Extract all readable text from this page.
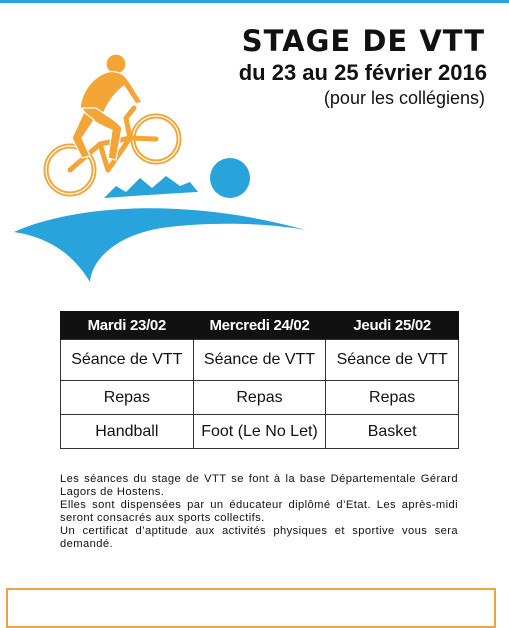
STAGE DE VTT
du 23 au 25 février 2016
(pour les collégiens)
Mardi 23/02	Mercredi 24/02	Jeudi 25/02
Séance de VTT	Séance de VTT	Séance de VTT
Repas	Repas	Repas
Handball	Foot (Le No Let)	Basket

Les séances du stage de VTT se font à la base Départementale Gérard Lagors de Hostens.

Elles sont dispensées par un éducateur diplômé d’Etat. Les après-midi seront consacrés aux sports collectifs.

Un certificat d’aptitude aux activités physiques et sportive vous sera demandé.
